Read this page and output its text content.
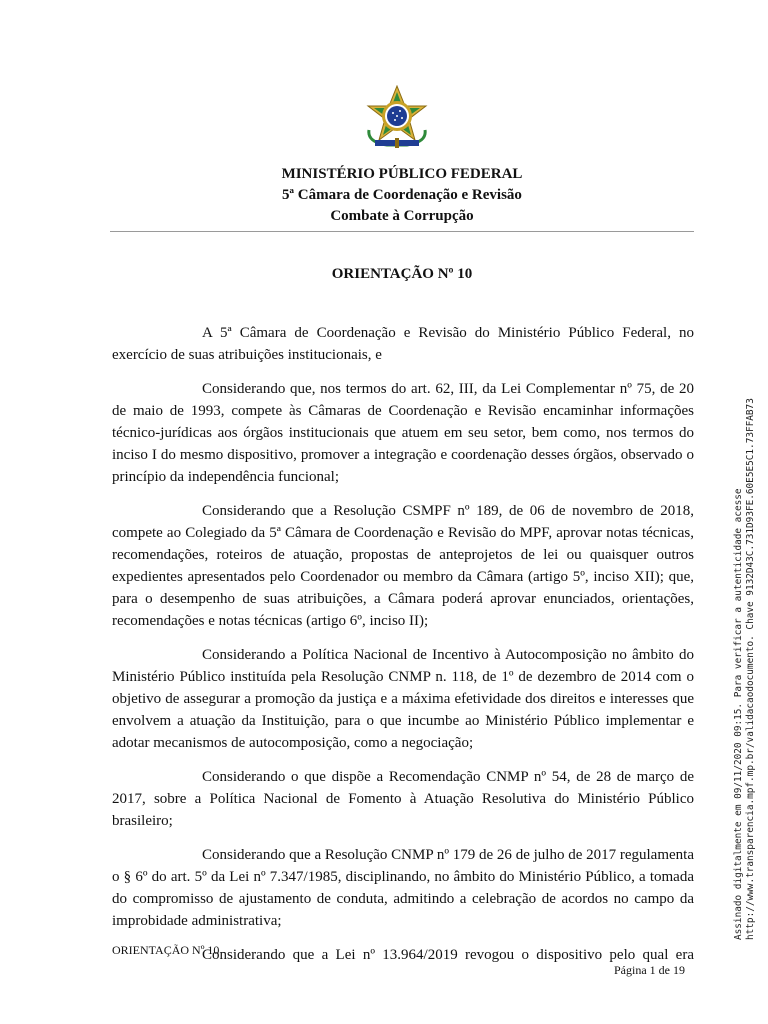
MINISTÉRIO PÚBLICO FEDERAL
5ª Câmara de Coordenação e Revisão
Combate à Corrupção
ORIENTAÇÃO Nº 10

A 5ª Câmara de Coordenação e Revisão do Ministério Público Federal, no exercício de suas atribuições institucionais, e

Considerando que, nos termos do art. 62, III, da Lei Complementar nº 75, de 20 de maio de 1993, compete às Câmaras de Coordenação e Revisão encaminhar informações técnico-jurídicas aos órgãos institucionais que atuem em seu setor, bem como, nos termos do inciso I do mesmo dispositivo, promover a integração e coordenação desses órgãos, observado o princípio da independência funcional;

Considerando que a Resolução CSMPF nº 189, de 06 de novembro de 2018, compete ao Colegiado da 5ª Câmara de Coordenação e Revisão do MPF, aprovar notas técnicas, recomendações, roteiros de atuação, propostas de anteprojetos de lei ou quaisquer outros expedientes apresentados pelo Coordenador ou membro da Câmara (artigo 5º, inciso XII); que, para o desempenho de suas atribuições, a Câmara poderá aprovar enunciados, orientações, recomendações e notas técnicas (artigo 6º, inciso II);

Considerando a Política Nacional de Incentivo à Autocomposição no âmbito do Ministério Público instituída pela Resolução CNMP n. 118, de 1º de dezembro de 2014 com o objetivo de assegurar a promoção da justiça e a máxima efetividade dos direitos e interesses que envolvem a atuação da Instituição, para o que incumbe ao Ministério Público implementar e adotar mecanismos de autocomposição, como a negociação;

Considerando o que dispõe a Recomendação CNMP nº 54, de 28 de março de 2017, sobre a Política Nacional de Fomento à Atuação Resolutiva do Ministério Público brasileiro;

Considerando que a Resolução CNMP nº 179 de 26 de julho de 2017 regulamenta o § 6º do art. 5º da Lei nº 7.347/1985, disciplinando, no âmbito do Ministério Público, a tomada do compromisso de ajustamento de conduta, admitindo a celebração de acordos no campo da improbidade administrativa;

Considerando que a Lei nº 13.964/2019 revogou o dispositivo pelo qual era

ORIENTAÇÃO Nº 10
Página 1 de 19
Assinado digitalmente em 09/11/2020 09:15. Para verificar a autenticidade acesse http://www.transparencia.mpf.mp.br/validacaodocumento. Chave 9132D43C.731D93FE.60E5E5C1.73FFAB73
